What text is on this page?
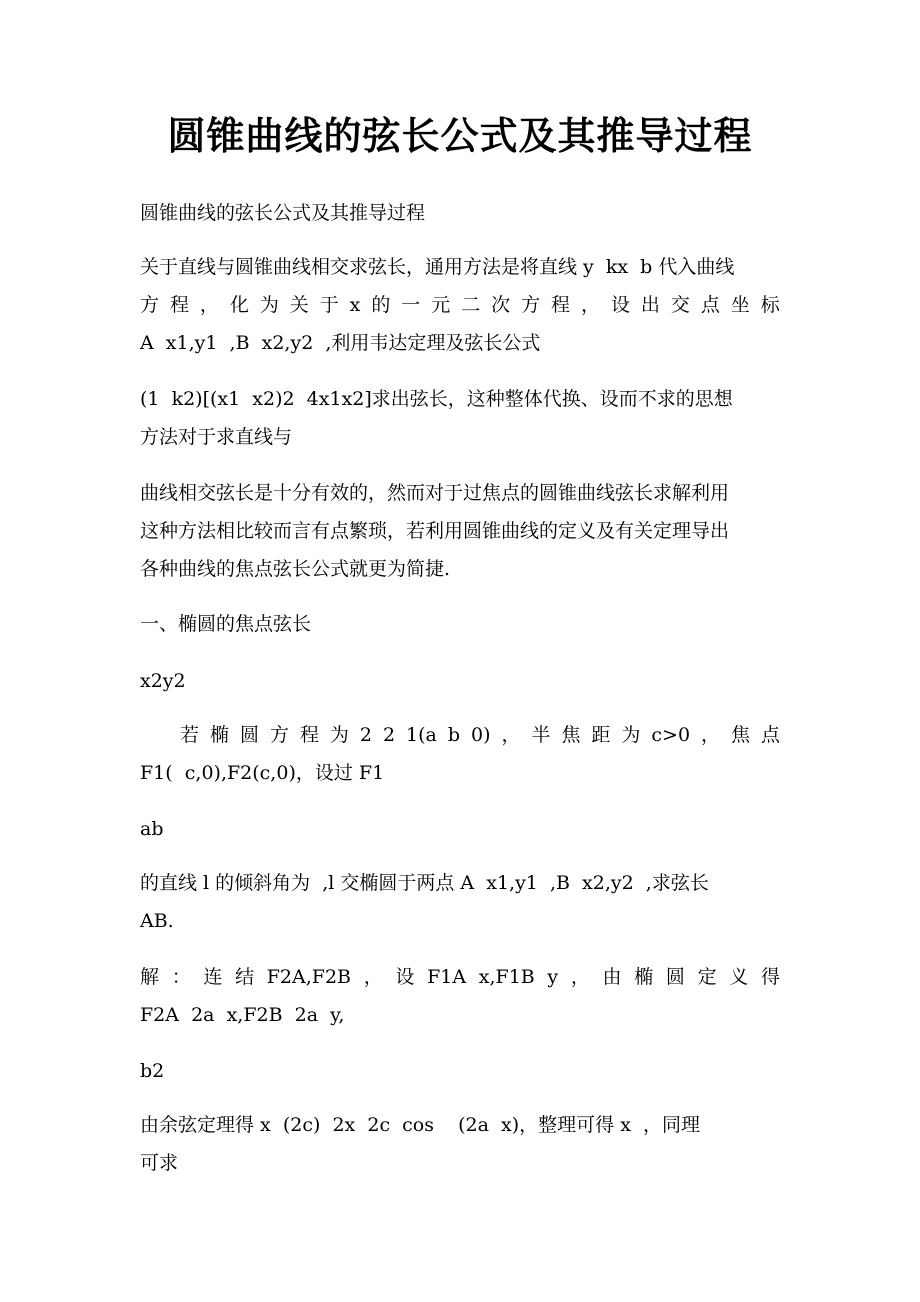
圆锥曲线的弦长公式及其推导过程
圆锥曲线的弦长公式及其推导过程
关于直线与圆锥曲线相交求弦长，通用方法是将直线 y  kx  b 代入曲线
方 程 ， 化 为 关 于 x 的 一 元 二 次 方 程 ， 设 出 交 点 坐 标
A  x1,y1  ,B  x2,y2  ,利用韦达定理及弦长公式
(1  k2)[(x1  x2)2  4x1x2]求出弦长，这种整体代换、设而不求的思想
方法对于求直线与
曲线相交弦长是十分有效的，然而对于过焦点的圆锥曲线弦长求解利用
这种方法相比较而言有点繁琐，若利用圆锥曲线的定义及有关定理导出
各种曲线的焦点弦长公式就更为简捷.
一、椭圆的焦点弦长
x2y2
若 椭 圆 方 程 为 2 2 1(a b 0) ， 半 焦 距 为 c>0 ， 焦 点
F1(  c,0),F2(c,0)，设过 F1
ab
的直线 l 的倾斜角为  ,l 交椭圆于两点 A  x1,y1  ,B  x2,y2  ,求弦长
AB.
解 ： 连 结 F2A,F2B ， 设 F1A x,F1B y ， 由 椭 圆 定 义 得
F2A  2a  x,F2B  2a  y,
b2
由余弦定理得 x  (2c)  2x  2c  cos    (2a  x)，整理可得 x  ，同理
可求
